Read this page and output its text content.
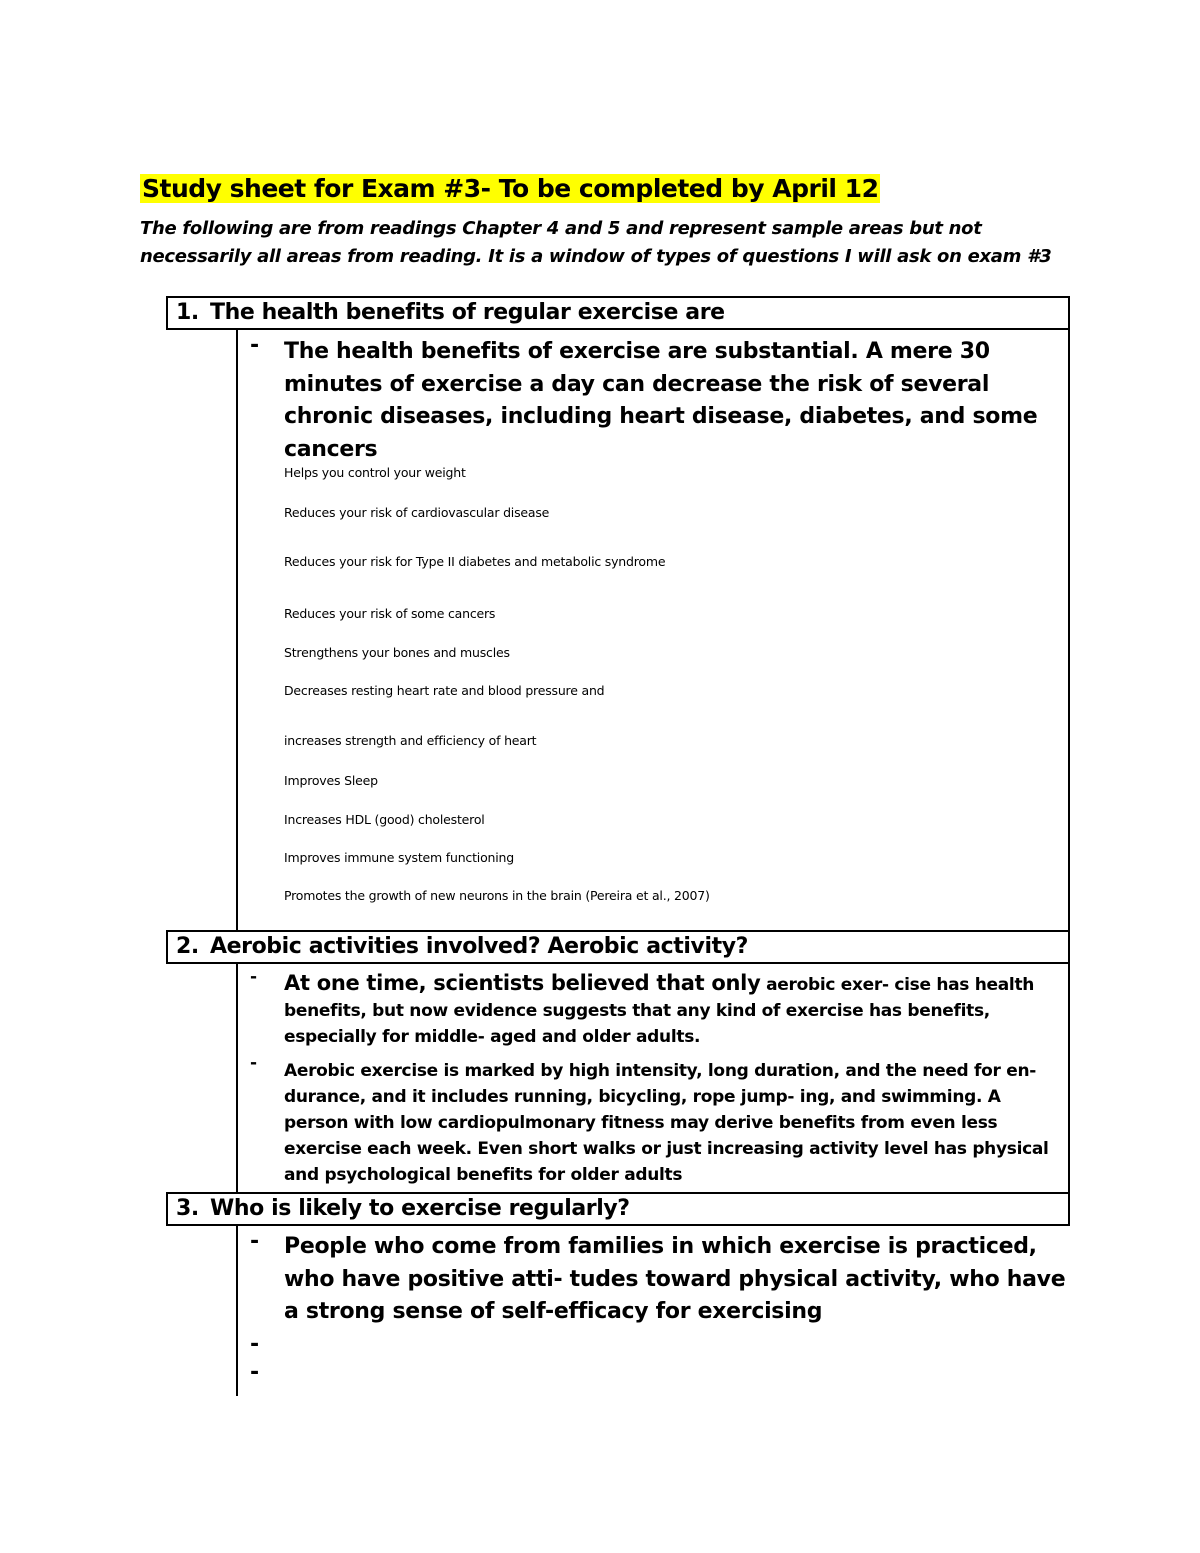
Study sheet for Exam #3- To be completed by April 12
The following are from readings Chapter 4 and 5 and represent sample areas but not necessarily all areas from reading. It is a window of types of questions I will ask on exam #3
1. The health benefits of regular exercise are
- The health benefits of exercise are substantial. A mere 30 minutes of exercise a day can decrease the risk of several chronic diseases, including heart disease, diabetes, and some cancers
Helps you control your weight
Reduces your risk of cardiovascular disease
Reduces your risk for Type II diabetes and metabolic syndrome
Reduces your risk of some cancers
Strengthens your bones and muscles
Decreases resting heart rate and blood pressure and
increases strength and efficiency of heart
Improves Sleep
Increases HDL (good) cholesterol
Improves immune system functioning
Promotes the growth of new neurons in the brain (Pereira et al., 2007)
2. Aerobic activities involved? Aerobic activity?
- At one time, scientists believed that only aerobic exer- cise has health benefits, but now evidence suggests that any kind of exercise has benefits, especially for middle- aged and older adults.
- Aerobic exercise is marked by high intensity, long duration, and the need for en- durance, and it includes running, bicycling, rope jump- ing, and swimming. A person with low cardiopulmonary fitness may derive benefits from even less exercise each week. Even short walks or just increasing activity level has physical and psychological benefits for older adults
3. Who is likely to exercise regularly?
- People who come from families in which exercise is practiced, who have positive atti- tudes toward physical activity, who have a strong sense of self-efficacy for exercising
-

-
